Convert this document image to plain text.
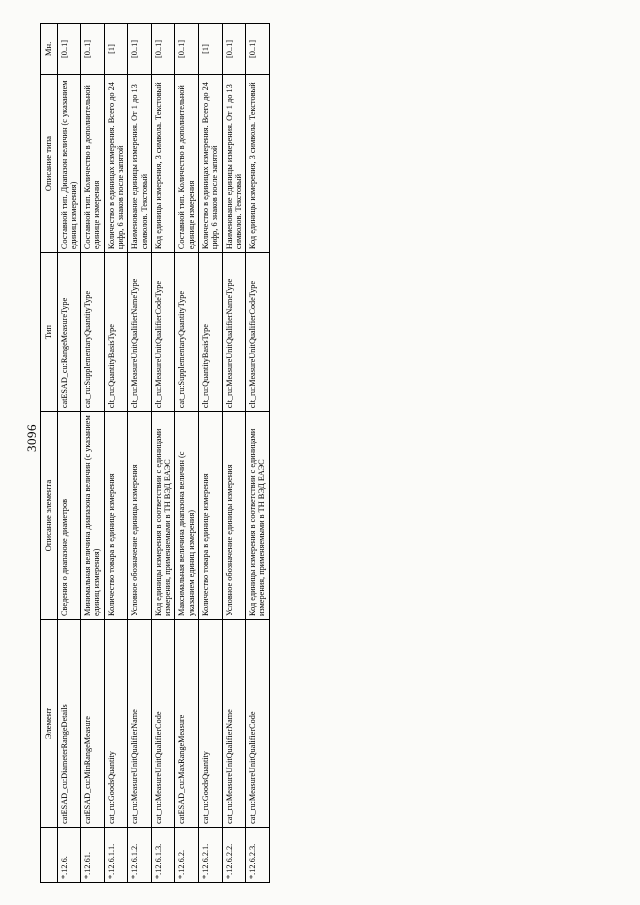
3096
	Элемент	Описание элемента	Тип	Описание типа	Мн.
*.12.6.	catESAD_cu:DiameterRangeDetails	Сведения о диапазоне диаметров	catESAD_cu:RangeMeasureType	Составной тип. Диапазон величин (с указанием единиц измерения)	[0..1]
*.12.61.	catESAD_cu:MinRangeMeasure	Минимальная величина диапазона величин (с указанием единиц измерения)	cat_ru:SupplementaryQuantityType	Составной тип. Количество в дополнительной единице измерения	[0..1]
*.12.6.1.1.	cat_ru:GoodsQuantity	Количество товара в единице измерения	clt_ru:QuantityBasisType	Количество в единицах измерения. Всего до 24 цифр, 6 знаков после запятой	[1]
*.12.6.1.2.	cat_ru:MeasureUnitQualifierName	Условное обозначение единицы измерения	clt_ru:MeasureUnitQualifierNameType	Наименование единицы измерения. От 1 до 13 символов. Текстовый	[0..1]
*.12.6.1.3.	cat_ru:MeasureUnitQualifierCode	Код единицы измерения в соответствии с единицами измерения, применяемыми в ТН ВЭД ЕАЭС	clt_ru:MeasureUnitQualifierCodeType	Код единицы измерения, 3 символа. Текстовый	[0..1]
*.12.6.2.	catESAD_cu:MaxRangeMeasure	Максимальная величина диапазона величин (с указанием единиц измерения)	cat_ru:SupplementaryQuantityType	Составной тип. Количество в дополнительной единице измерения	[0..1]
*.12.6.2.1.	cat_ru:GoodsQuantity	Количество товара в единице измерения	clt_ru:QuantityBasisType	Количество в единицах измерения. Всего до 24 цифр, 6 знаков после запятой	[1]
*.12.6.2.2.	cat_ru:MeasureUnitQualifierName	Условное обозначение единицы измерения	clt_ru:MeasureUnitQualifierNameType	Наименование единицы измерения. От 1 до 13 символов. Текстовый	[0..1]
*.12.6.2.3.	cat_ru:MeasureUnitQualifierCode	Код единицы измерения в соответствии с единицами измерения, применяемыми в ТН ВЭД ЕАЭС	clt_ru:MeasureUnitQualifierCodeType	Код единицы измерения, 3 символа. Текстовый	[0..1]
